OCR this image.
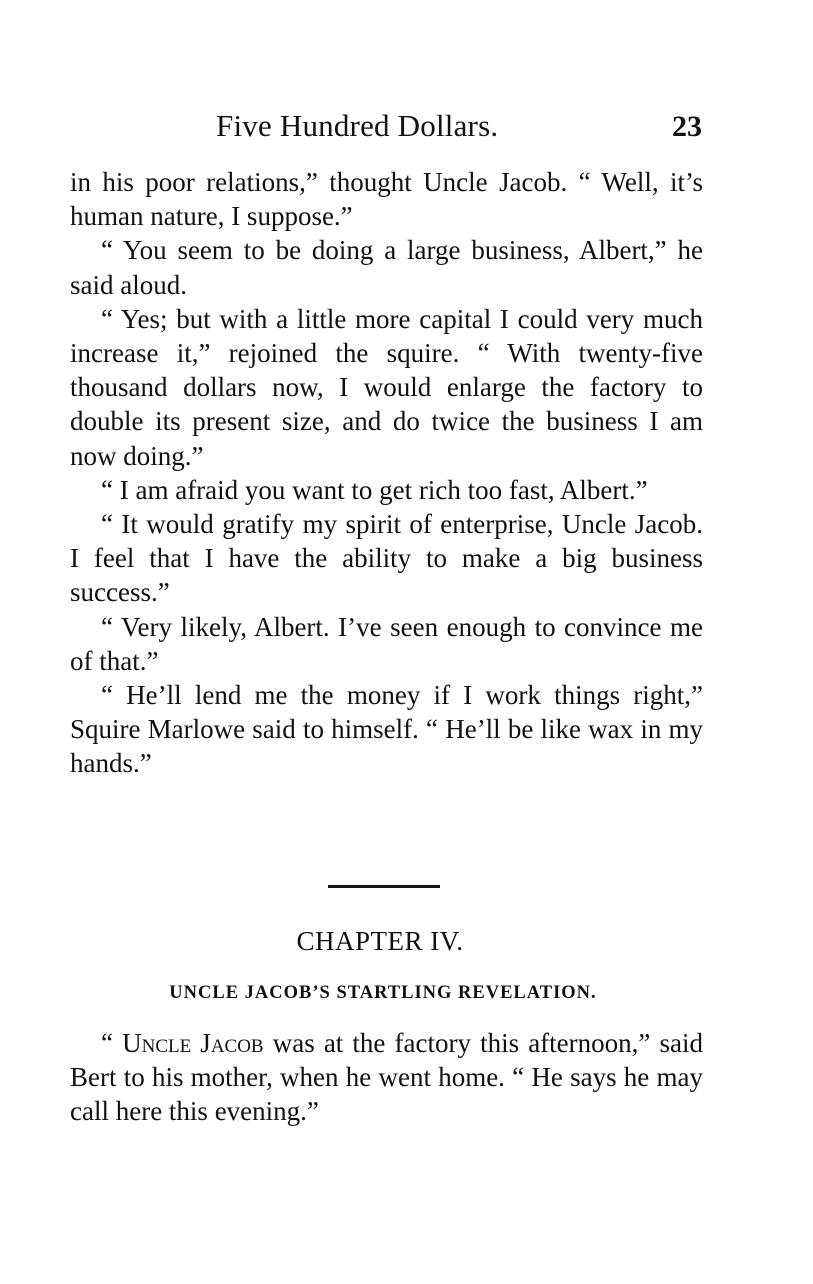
Five Hundred Dollars.	23

in his poor relations,” thought Uncle Jacob. “ Well, it’s human nature, I suppose.”

“ You seem to be doing a large business, Albert,” he said aloud.

“ Yes; but with a little more capital I could very much increase it,” rejoined the squire. “ With twenty-five thousand dollars now, I would enlarge the factory to double its present size, and do twice the business I am now doing.”

“ I am afraid you want to get rich too fast, Albert.”

“ It would gratify my spirit of enterprise, Uncle Jacob. I feel that I have the ability to make a big business success.”

“ Very likely, Albert. I’ve seen enough to convince me of that.”

“ He’ll lend me the money if I work things right,” Squire Marlowe said to himself. “ He’ll be like wax in my hands.”

CHAPTER IV.
UNCLE JACOB’S STARTLING REVELATION.

“ Uncle Jacob was at the factory this afternoon,” said Bert to his mother, when he went home. “ He says he may call here this evening.”
